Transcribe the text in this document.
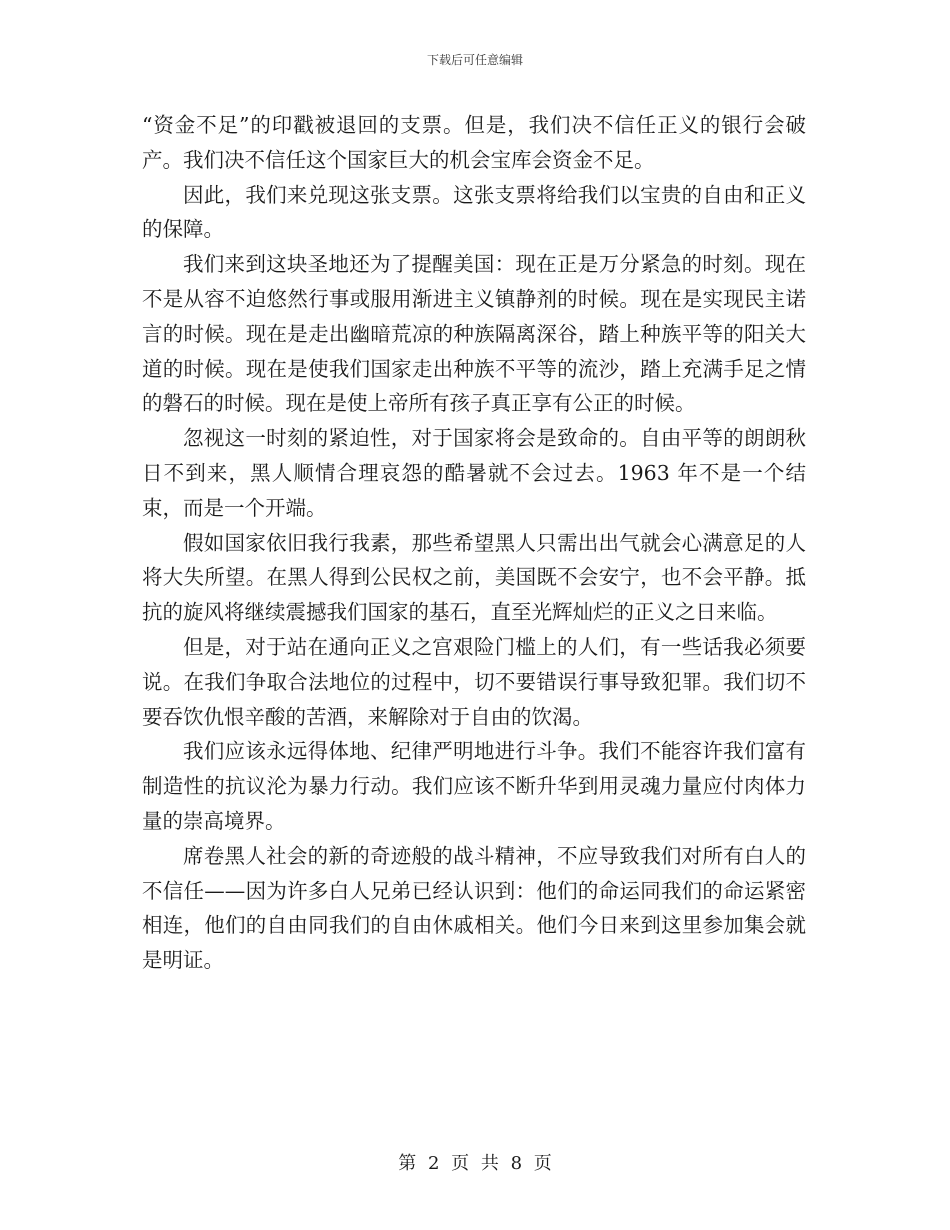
下载后可任意编辑

“资金不足”的印戳被退回的支票。但是，我们决不信任正义的银行会破产。我们决不信任这个国家巨大的机会宝库会资金不足。

因此，我们来兑现这张支票。这张支票将给我们以宝贵的自由和正义的保障。

我们来到这块圣地还为了提醒美国：现在正是万分紧急的时刻。现在不是从容不迫悠然行事或服用渐进主义镇静剂的时候。现在是实现民主诺言的时候。现在是走出幽暗荒凉的种族隔离深谷，踏上种族平等的阳关大道的时候。现在是使我们国家走出种族不平等的流沙，踏上充满手足之情的磐石的时候。现在是使上帝所有孩子真正享有公正的时候。

忽视这一时刻的紧迫性，对于国家将会是致命的。自由平等的朗朗秋日不到来，黑人顺情合理哀怨的酷暑就不会过去。1963 年不是一个结束，而是一个开端。

假如国家依旧我行我素，那些希望黑人只需出出气就会心满意足的人将大失所望。在黑人得到公民权之前，美国既不会安宁，也不会平静。抵抗的旋风将继续震撼我们国家的基石，直至光辉灿烂的正义之日来临。

但是，对于站在通向正义之宫艰险门槛上的人们，有一些话我必须要说。在我们争取合法地位的过程中，切不要错误行事导致犯罪。我们切不要吞饮仇恨辛酸的苦酒，来解除对于自由的饮渴。

我们应该永远得体地、纪律严明地进行斗争。我们不能容许我们富有制造性的抗议沦为暴力行动。我们应该不断升华到用灵魂力量应付肉体力量的崇高境界。

席卷黑人社会的新的奇迹般的战斗精神，不应导致我们对所有白人的不信任——因为许多白人兄弟已经认识到：他们的命运同我们的命运紧密相连，他们的自由同我们的自由休戚相关。他们今日来到这里参加集会就是明证。

第 2 页 共 8 页
